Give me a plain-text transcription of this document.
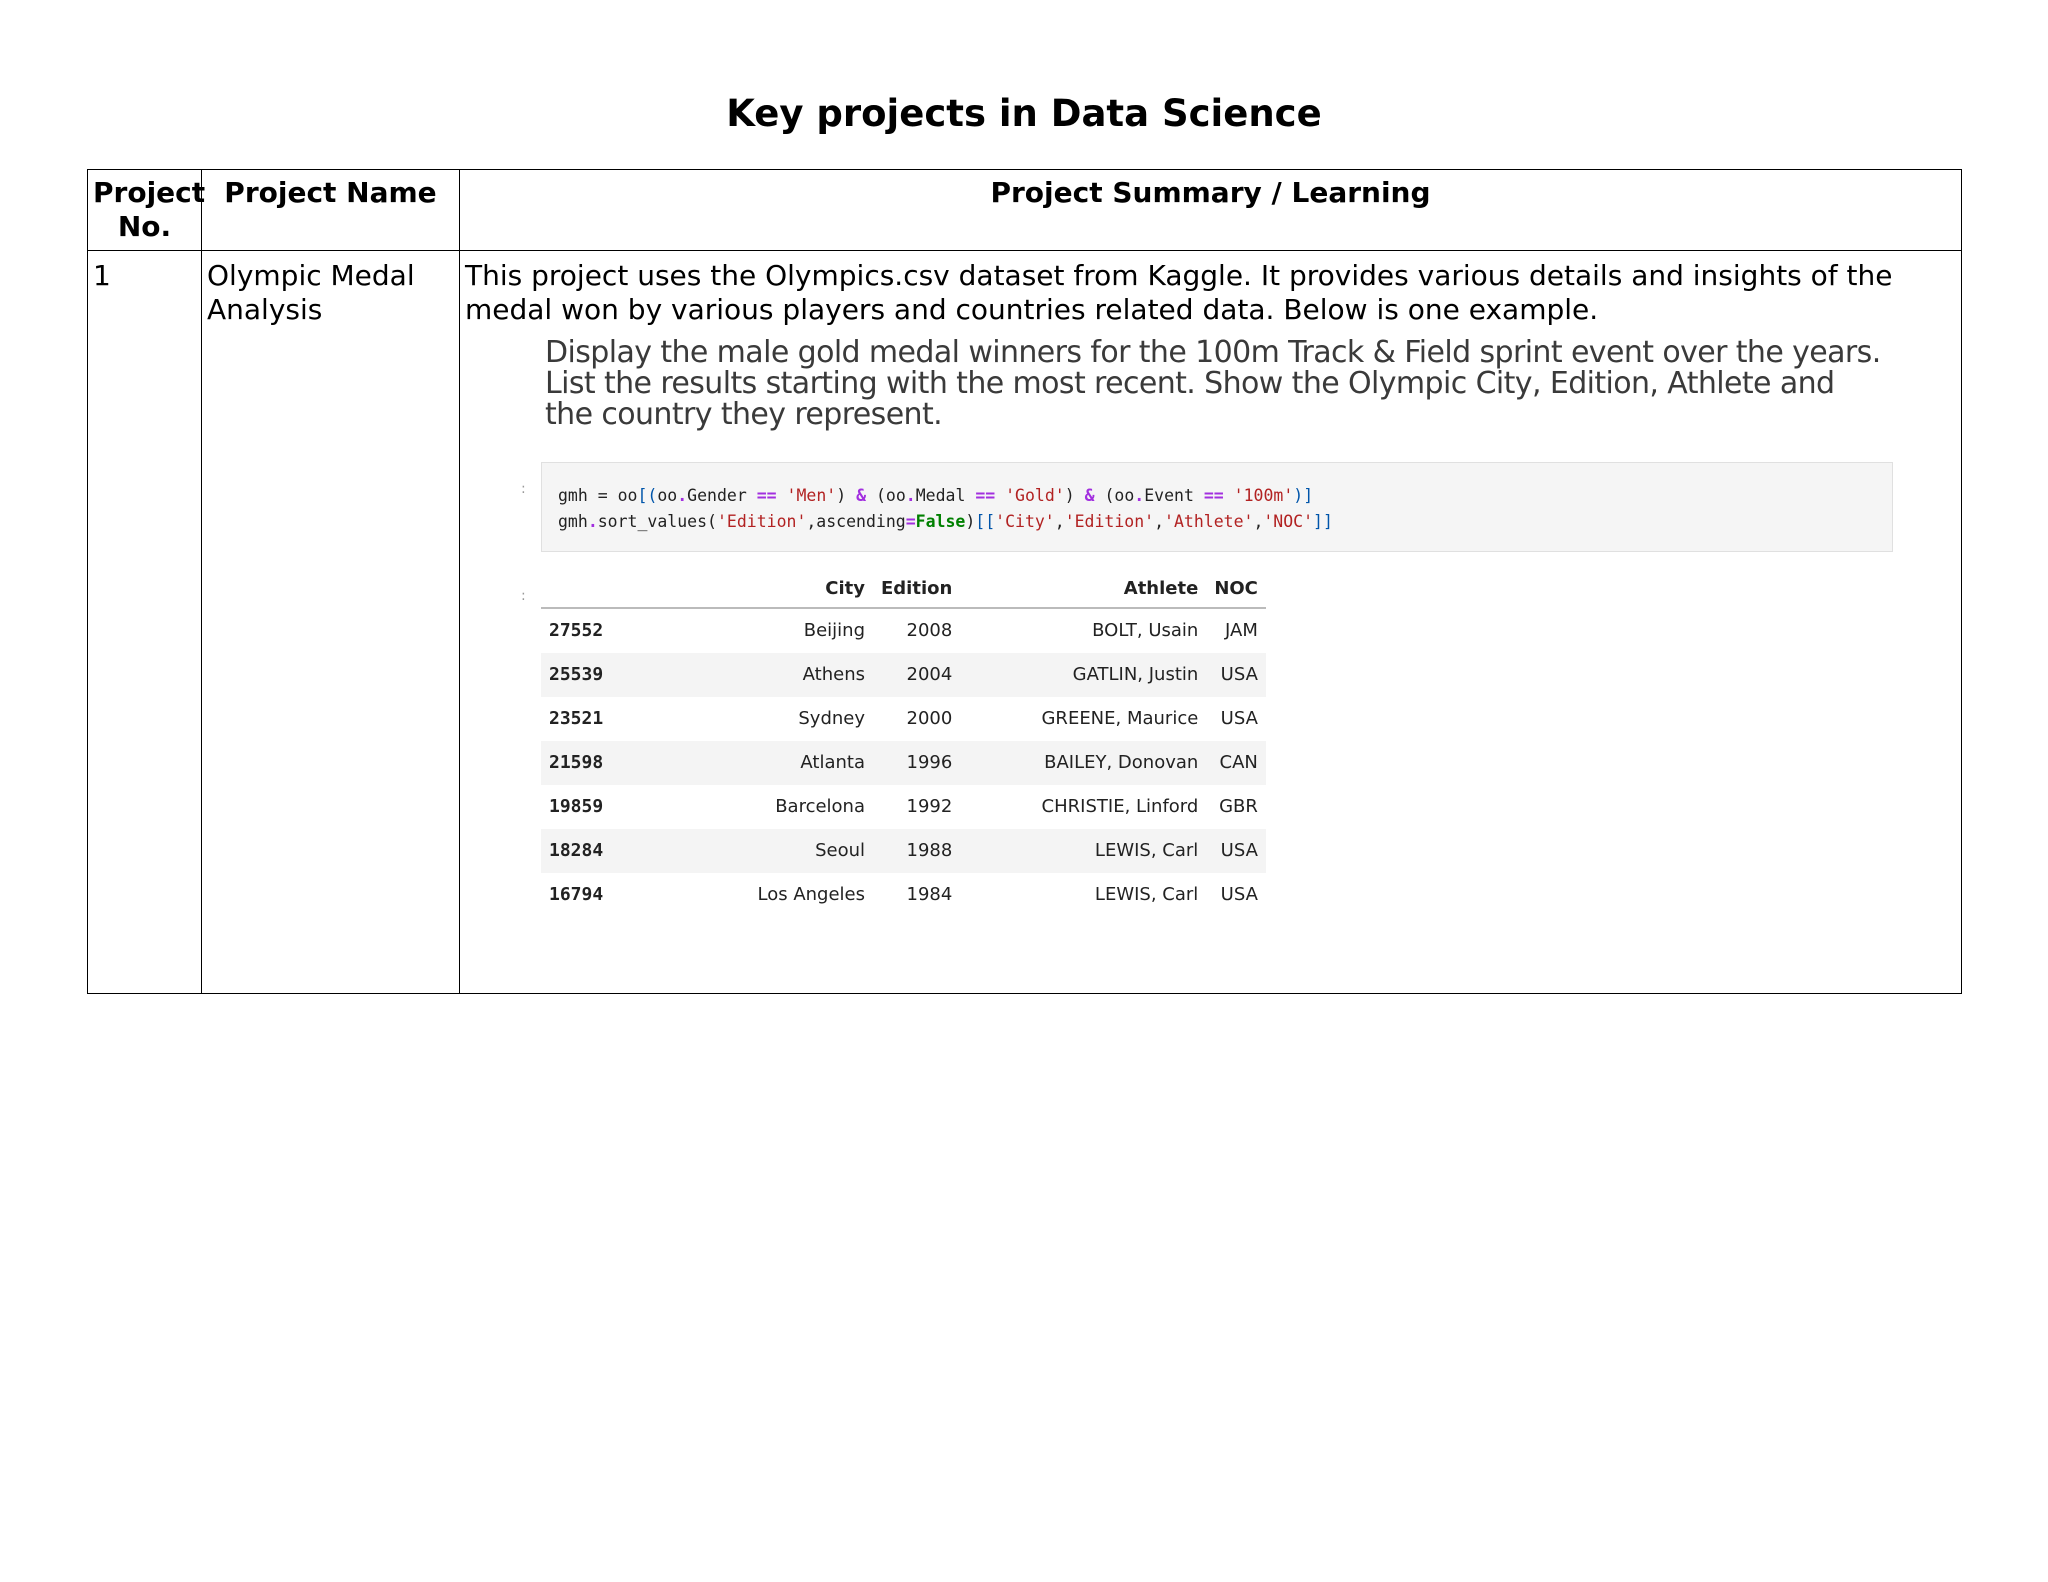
Key projects in Data Science
Project No.	Project Name	Project Summary / Learning
1	Olympic Medal Analysis	

This project uses the Olympics.csv dataset from Kaggle. It provides various details and insights of the medal won by various players and countries related data. Below is one example.

Display the male gold medal winners for the 100m Track & Field sprint event over the years. List the results starting with the most recent. Show the Olympic City, Edition, Athlete and the country they represent.
: gmh = oo[(oo.Gender == 'Men') & (oo.Medal == 'Gold') & (oo.Event == '100m')]
gmh.sort_values('Edition',ascending=False)[['City','Edition','Athlete','NOC']]
:
		City	Edition	Athlete	NOC
27552	Beijing	2008	BOLT, Usain	JAM
25539	Athens	2004	GATLIN, Justin	USA
23521	Sydney	2000	GREENE, Maurice	USA
21598	Atlanta	1996	BAILEY, Donovan	CAN
19859	Barcelona	1992	CHRISTIE, Linford	GBR
18284	Seoul	1988	LEWIS, Carl	USA
16794	Los Angeles	1984	LEWIS, Carl	USA
